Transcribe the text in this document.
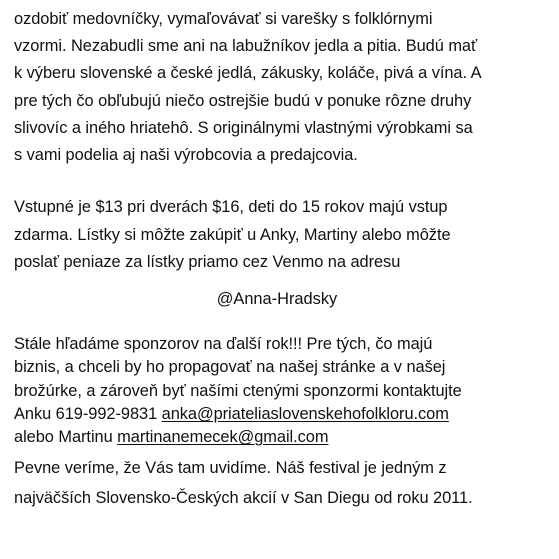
ozdobiť medovníčky, vymaľovávať si varešky s folklórnymi
vzormi. Nezabudli sme ani na labužníkov jedla a pitia. Budú mať
k výberu slovenské a české jedlá, zákusky, koláče, pivá a vína. A
pre tých čo obľubujú niečo ostrejšie budú v ponuke rôzne druhy
slivovíc a iného hriatehô. S originálnymi vlastnými výrobkami sa
s vami podelia aj naši výrobcovia a predajcovia.

Vstupné je $13 pri dverách $16, deti do 15 rokov majú vstup
zdarma. Lístky si môžte zakúpiť u Anky, Martiny alebo môžte
poslať peniaze za lístky priamo cez Venmo na adresu

@Anna-Hradsky

Stále hľadáme sponzorov na ďalší rok!!! Pre tých, čo majú
biznis, a chceli by ho propagovať na našej stránke a v našej
brožúrke, a zároveň byť našími ctenými sponzormi kontaktujte
Anku 619-992-9831 anka@priateliaslovenskehofolkloru.com
alebo Martinu martinanemecek@gmail.com

Pevne veríme, že Vás tam uvidíme. Náš festival je jedným z
najväčších Slovensko-Českých akcií v San Diegu od roku 2011.
